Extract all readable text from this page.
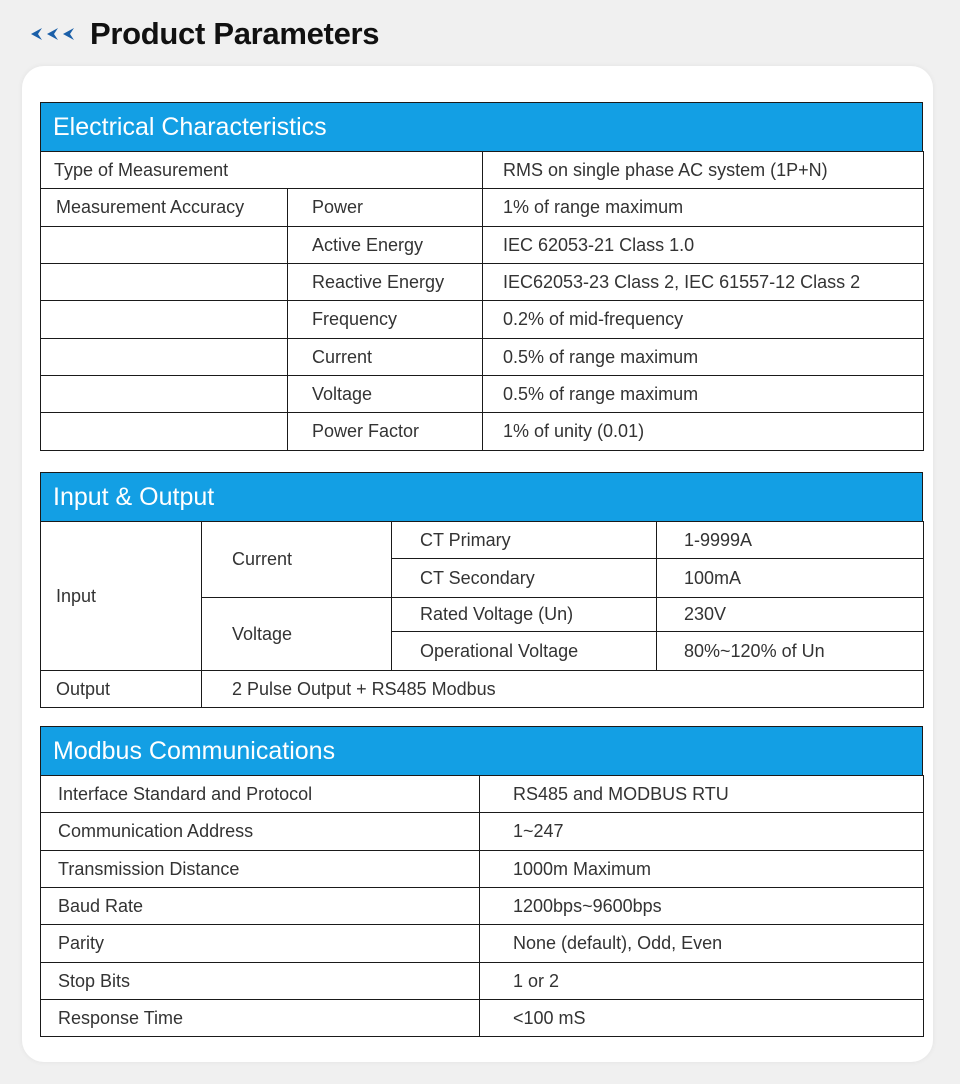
Product Parameters
Electrical Characteristics
Type of Measurement		RMS on single phase AC system (1P+N)
Measurement Accuracy	Power	1% of range maximum
	Active Energy	IEC 62053-21 Class 1.0
	Reactive Energy	IEC62053-23 Class 2, IEC 61557-12 Class 2
	Frequency	0.2% of mid-frequency
	Current	0.5% of range maximum
	Voltage	0.5% of range maximum
	Power Factor	1% of unity (0.01)
Input & Output
Input	Current	CT Primary	1-9999A
		CT Secondary	100mA
	Voltage	Rated Voltage (Un)	230V
		Operational Voltage	80%~120% of Un
Output	2 Pulse Output + RS485 Modbus		
Modbus Communications
Interface Standard and Protocol	RS485 and MODBUS RTU
Communication Address	1~247
Transmission Distance	1000m Maximum
Baud Rate	1200bps~9600bps
Parity	None (default), Odd, Even
Stop Bits	1 or 2
Response Time	<100 mS
